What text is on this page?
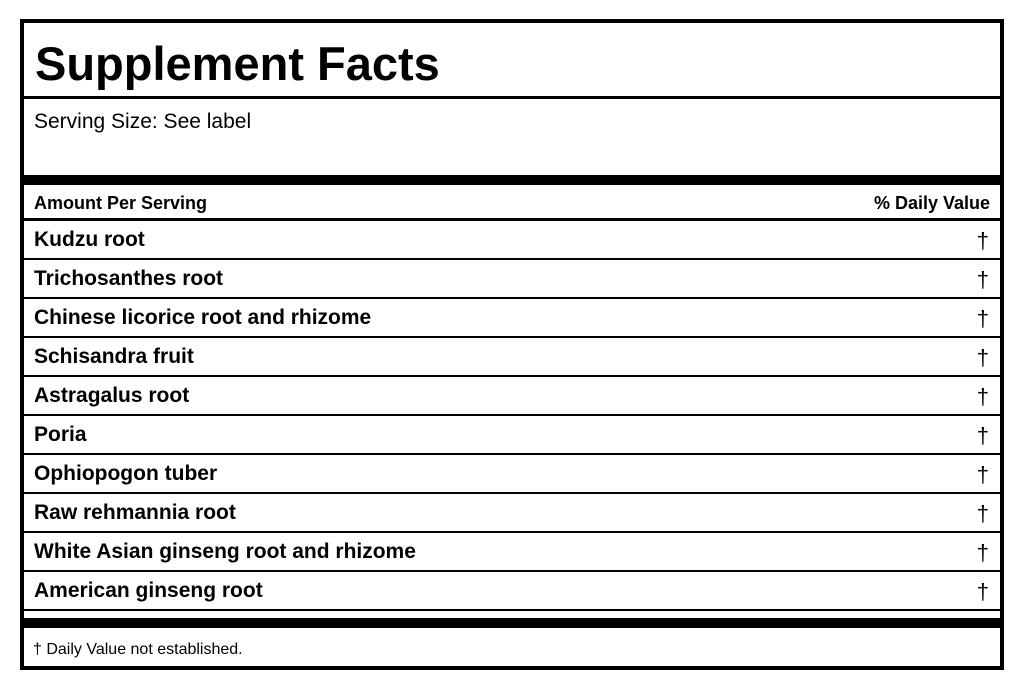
Supplement Facts
Serving Size: See label
Amount Per Serving	% Daily Value
Kudzu root	†
Trichosanthes root	†
Chinese licorice root and rhizome	†
Schisandra fruit	†
Astragalus root	†
Poria	†
Ophiopogon tuber	†
Raw rehmannia root	†
White Asian ginseng root and rhizome	†
American ginseng root	†
† Daily Value not established.
